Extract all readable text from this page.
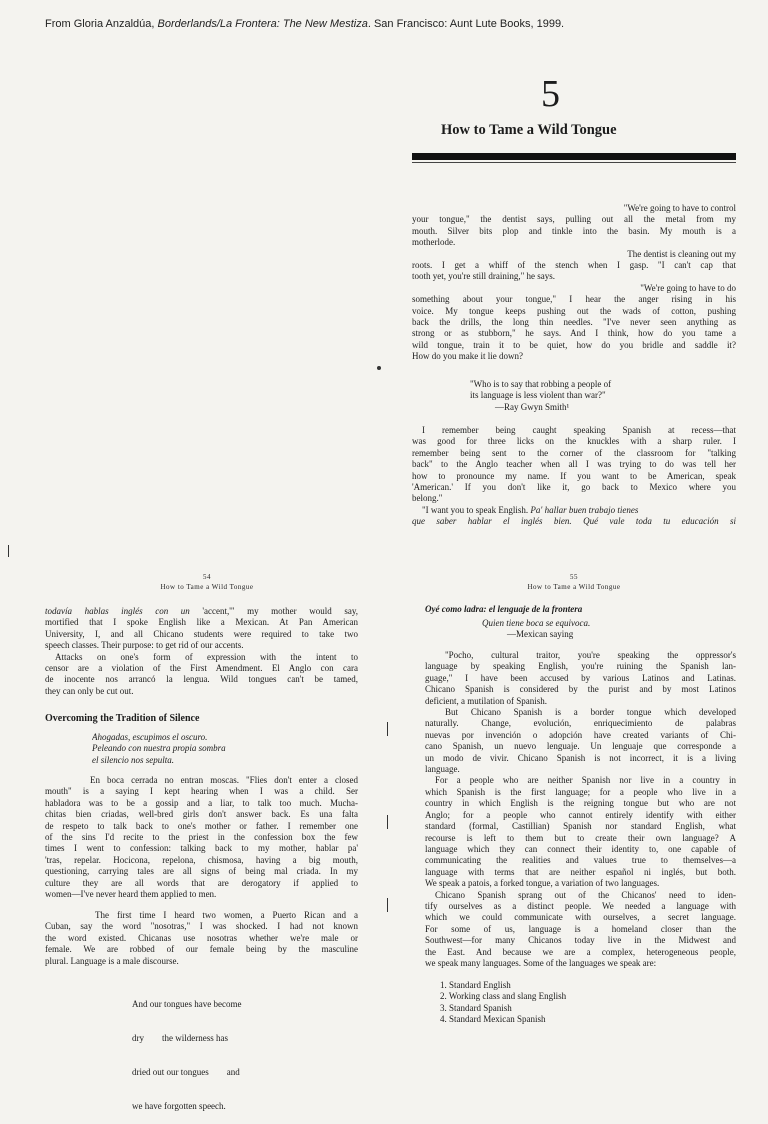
From Gloria Anzaldúa, Borderlands/La Frontera: The New Mestiza. San Francisco: Aunt Lute Books, 1999.
5
How to Tame a Wild Tongue
"We're going to have to control
your tongue," the dentist says, pulling out all the metal from my
mouth. Silver bits plop and tinkle into the basin. My mouth is a
motherlode.
The dentist is cleaning out my
roots. I get a whiff of the stench when I gasp. "I can't cap that
tooth yet, you're still draining," he says.
"We're going to have to do
something about your tongue," I hear the anger rising in his
voice. My tongue keeps pushing out the wads of cotton, pushing
back the drills, the long thin needles. "I've never seen anything as
strong or as stubborn," he says. And I think, how do you tame a
wild tongue, train it to be quiet, how do you bridle and saddle it?
How do you make it lie down?
"Who is to say that robbing a people of
its language is less violent than war?"
—Ray Gwyn Smith¹
I remember being caught speaking Spanish at recess—that
was good for three licks on the knuckles with a sharp ruler. I
remember being sent to the corner of the classroom for "talking
back" to the Anglo teacher when all I was trying to do was tell her
how to pronounce my name. If you want to be American, speak
'American.' If you don't like it, go back to Mexico where you
belong."
"I want you to speak English. Pa' hallar buen trabajo tienes
que saber hablar el inglés bien. Qué vale toda tu educación si
54
How to Tame a Wild Tongue
todavía hablas inglés con un 'accent,'" my mother would say,
mortified that I spoke English like a Mexican. At Pan American
University, I, and all Chicano students were required to take two
speech classes. Their purpose: to get rid of our accents.
Attacks on one's form of expression with the intent to
censor are a violation of the First Amendment. El Anglo con cara
de inocente nos arrancó la lengua. Wild tongues can't be tamed,
they can only be cut out.
Overcoming the Tradition of Silence
Ahogadas, escupimos el oscuro.
Peleando con nuestra propia sombra
el silencio nos sepulta.
En boca cerrada no entran moscas. "Flies don't enter a closed
mouth" is a saying I kept hearing when I was a child. Ser
habladora was to be a gossip and a liar, to talk too much. Mucha-
chitas bien criadas, well-bred girls don't answer back. Es una falta
de respeto to talk back to one's mother or father. I remember one
of the sins I'd recite to the priest in the confession box the few
times I went to confession: talking back to my mother, hablar pa'
'tras, repelar. Hocicona, repelona, chismosa, having a big mouth,
questioning, carrying tales are all signs of being mal criada. In my
culture they are all words that are derogatory if applied to
women—I've never heard them applied to men.
The first time I heard two women, a Puerto Rican and a
Cuban, say the word "nosotras," I was shocked. I had not known
the word existed. Chicanas use nosotras whether we're male or
female. We are robbed of our female being by the masculine
plural. Language is a male discourse.

And our tongues have become

dry        the wilderness has

dried out our tongues        and

we have forgotten speech.

55
How to Tame a Wild Tongue
Oyé como ladra: el lenguaje de la frontera
Quien tiene boca se equivoca.
—Mexican saying
"Pocho, cultural traitor, you're speaking the oppressor's
language by speaking English, you're ruining the Spanish lan-
guage," I have been accused by various Latinos and Latinas.
Chicano Spanish is considered by the purist and by most Latinos
deficient, a mutilation of Spanish.
But Chicano Spanish is a border tongue which developed
naturally. Change, evolución, enriquecimiento de palabras
nuevas por invención o adopción have created variants of Chi-
cano Spanish, un nuevo lenguaje. Un lenguaje que corresponde a
un modo de vivir. Chicano Spanish is not incorrect, it is a living
language.
For a people who are neither Spanish nor live in a country in
which Spanish is the first language; for a people who live in a
country in which English is the reigning tongue but who are not
Anglo; for a people who cannot entirely identify with either
standard (formal, Castillian) Spanish nor standard English, what
recourse is left to them but to create their own language? A
language which they can connect their identity to, one capable of
communicating the realities and values true to themselves—a
language with terms that are neither español ni inglés, but both.
We speak a patois, a forked tongue, a variation of two languages.
Chicano Spanish sprang out of the Chicanos' need to iden-
tify ourselves as a distinct people. We needed a language with
which we could communicate with ourselves, a secret language.
For some of us, language is a homeland closer than the
Southwest—for many Chicanos today live in the Midwest and
the East. And because we are a complex, heterogeneous people,
we speak many languages. Some of the languages we speak are:
1. Standard English
2. Working class and slang English
3. Standard Spanish
4. Standard Mexican Spanish
